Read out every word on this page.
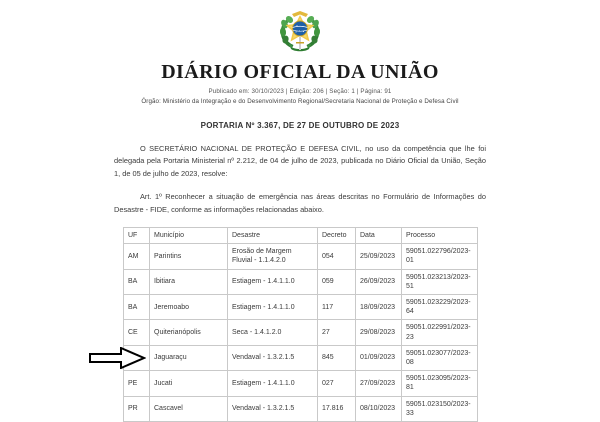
DIÁRIO OFICIAL DA UNIÃO
Publicado em: 30/10/2023 | Edição: 206 | Seção: 1 | Página: 91
Órgão: Ministério da Integração e do Desenvolvimento Regional/Secretaria Nacional de Proteção e Defesa Civil
PORTARIA Nº 3.367, DE 27 DE OUTUBRO DE 2023

O SECRETÁRIO NACIONAL DE PROTEÇÃO E DEFESA CIVIL, no uso da competência que lhe foi delegada pela Portaria Ministerial nº 2.212, de 04 de julho de 2023, publicada no Diário Oficial da União, Seção 1, de 05 de julho de 2023, resolve:

Art. 1º Reconhecer a situação de emergência nas áreas descritas no Formulário de Informações do Desastre - FIDE, conforme as informações relacionadas abaixo.

UF	Município	Desastre	Decreto	Data	Processo
AM	Parintins	Erosão de Margem Fluvial - 1.1.4.2.0	054	25/09/2023	59051.022796/2023-01
BA	Ibitiara	Estiagem - 1.4.1.1.0	059	26/09/2023	59051.023213/2023-51
BA	Jeremoabo	Estiagem - 1.4.1.1.0	117	18/09/2023	59051.023229/2023-64
CE	Quiterianópolis	Seca - 1.4.1.2.0	27	29/08/2023	59051.022991/2023-23
	Jaguaraçu	Vendaval - 1.3.2.1.5	845	01/09/2023	59051.023077/2023-08
PE	Jucati	Estiagem - 1.4.1.1.0	027	27/09/2023	59051.023095/2023-81
PR	Cascavel	Vendaval - 1.3.2.1.5	17.816	08/10/2023	59051.023150/2023-33
